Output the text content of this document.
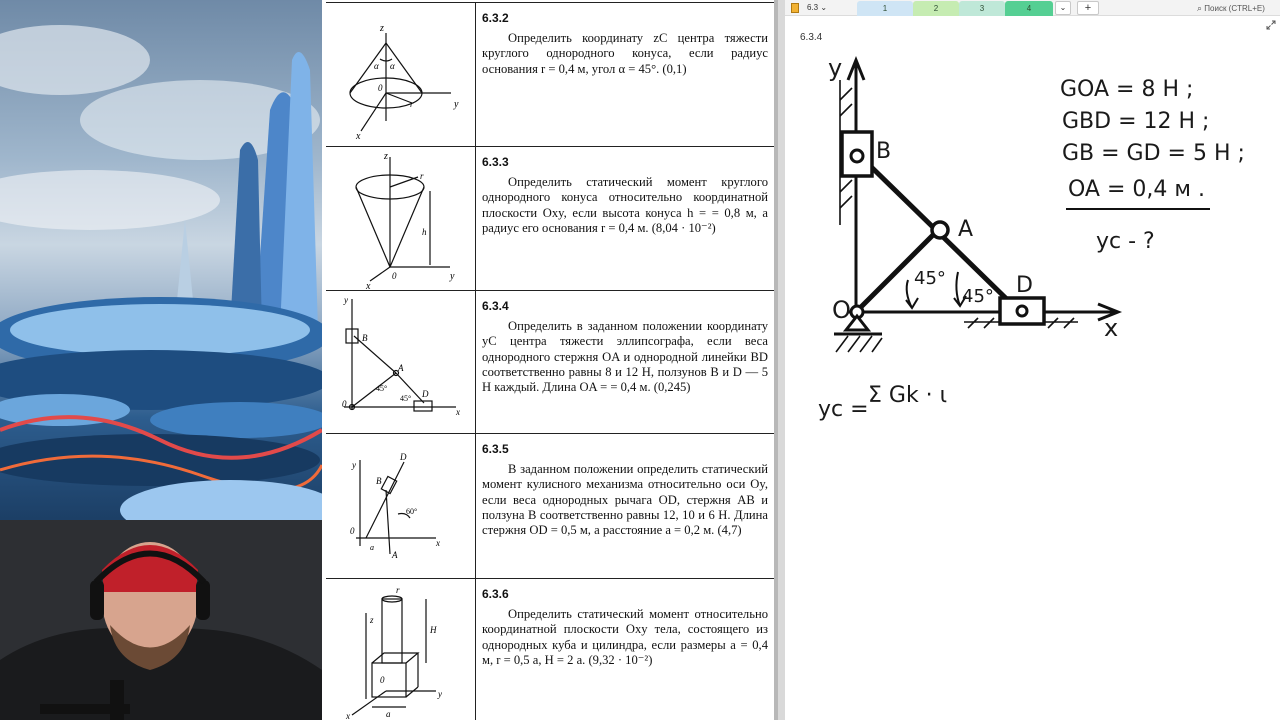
z
y
x
0
r
α α
6.3.2
Определить координату zC центра тяжести круглого однородного конуса, если радиус основания r = 0,4 м, угол α = 45°. (0,1)
z
y
x
0
r
h
6.3.3
Определить статический момент круглого однородного конуса относительно координатной плоскости Oxy, если высота конуса h = = 0,8 м, а радиус его основания r = 0,4 м. (8,04 · 10⁻²)
y
x
0
B
A
D
45°
45°
6.3.4
Определить в заданном положении координату yC центра тяжести эллипсографа, если веса однородного стержня OA и однородной линейки BD соответственно равны 8 и 12 Н, ползунов B и D — 5 Н каждый. Длина OA = = 0,4 м. (0,245)
y
x
0
A
B
D
60°
a
6.3.5
В заданном положении определить статический момент кулисного механизма относительно оси Oy, если веса однородных рычага OD, стержня AB и ползуна B соответственно равны 12, 10 и 6 Н. Длина стержня OD = 0,5 м, а расстояние a = 0,2 м. (4,7)
z
y
x
0
r
H
a
6.3.6
Определить статический момент относительно координатной плоскости Oxy тела, состоящего из однородных куба и цилиндра, если размеры a = 0,4 м, r = 0,5 a, H = 2 a. (9,32 · 10⁻²)
6.3 ⌄	1	2	3	4	⌄	+	⌕ Поиск (CTRL+E)
6.3.4
y
x
O
A
B
D
45°
45°
GOA = 8 H ;
GBD = 12 H ;
GB = GD = 5 H ;
OA = 0,4 м .
yc - ?
yc =
Σ Gk · ι
